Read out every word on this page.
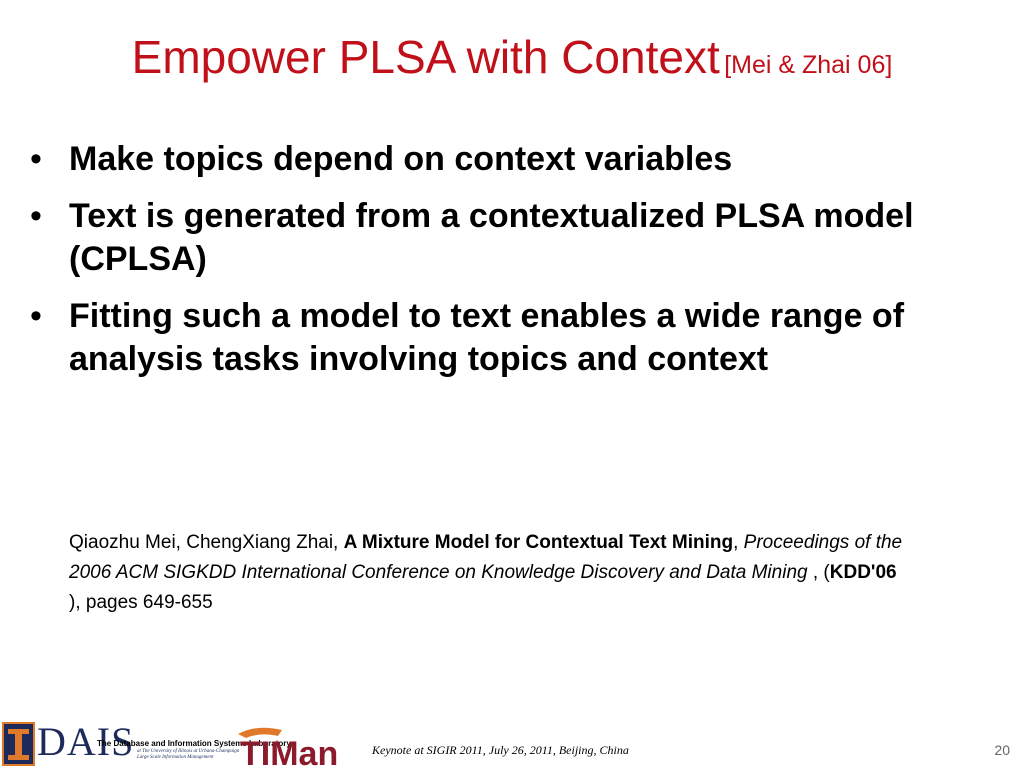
Empower PLSA with Context [Mei & Zhai 06]
• Make topics depend on context variables
• Text is generated from a contextualized PLSA model (CPLSA)
• Fitting such a model to text enables a wide range of analysis tasks involving topics and context
Qiaozhu Mei, ChengXiang Zhai, A Mixture Model for Contextual Text Mining, Proceedings of the 2006 ACM SIGKDD International Conference on Knowledge Discovery and Data Mining , (KDD'06 ), pages 649-655
DAIS
The Database and Information Systems Laboratory
at The University of Illinois at Urbana-Champaign
Large Scale Information Management TIMan	Keynote at SIGIR 2011, July 26, 2011, Beijing, China	20
